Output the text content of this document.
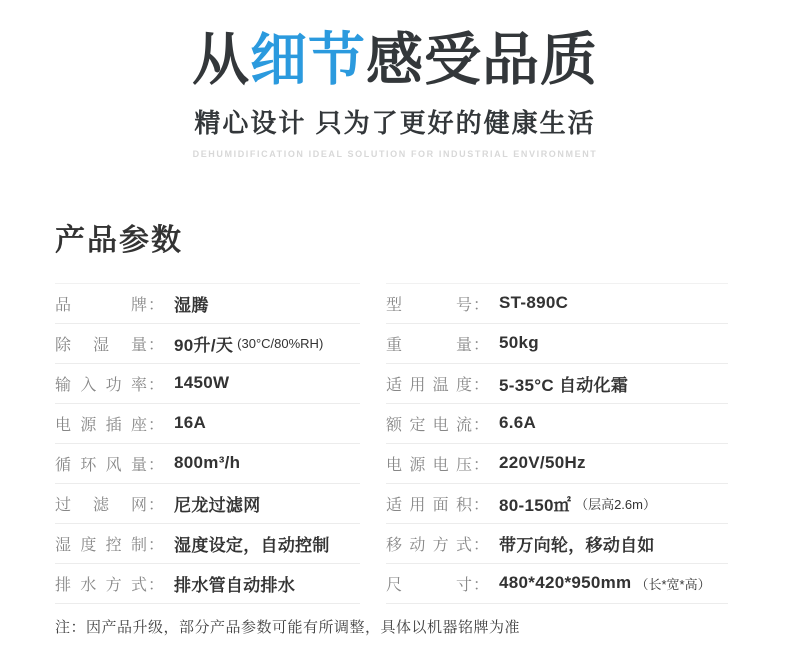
从细节感受品质
精心设计 只为了更好的健康生活
DEHUMIDIFICATION IDEAL SOLUTION FOR INDUSTRIAL ENVIRONMENT
产品参数
品牌 ： 湿腾
除湿量 ： 90升/天 (30°C/80%RH)
输入功率 ： 1450W
电源插座 ： 16A
循环风量 ： 800m³/h
过滤网 ： 尼龙过滤网
湿度控制 ： 湿度设定，自动控制
排水方式 ： 排水管自动排水
型号 ： ST-890C
重量 ： 50kg
适用温度 ： 5-35°C 自动化霜
额定电流 ： 6.6A
电源电压 ： 220V/50Hz
适用面积 ： 80-150㎡ （层高2.6m）
移动方式 ： 带万向轮，移动自如
尺寸 ： 480*420*950mm （长*宽*高）

注：因产品升级，部分产品参数可能有所调整，具体以机器铭牌为准
